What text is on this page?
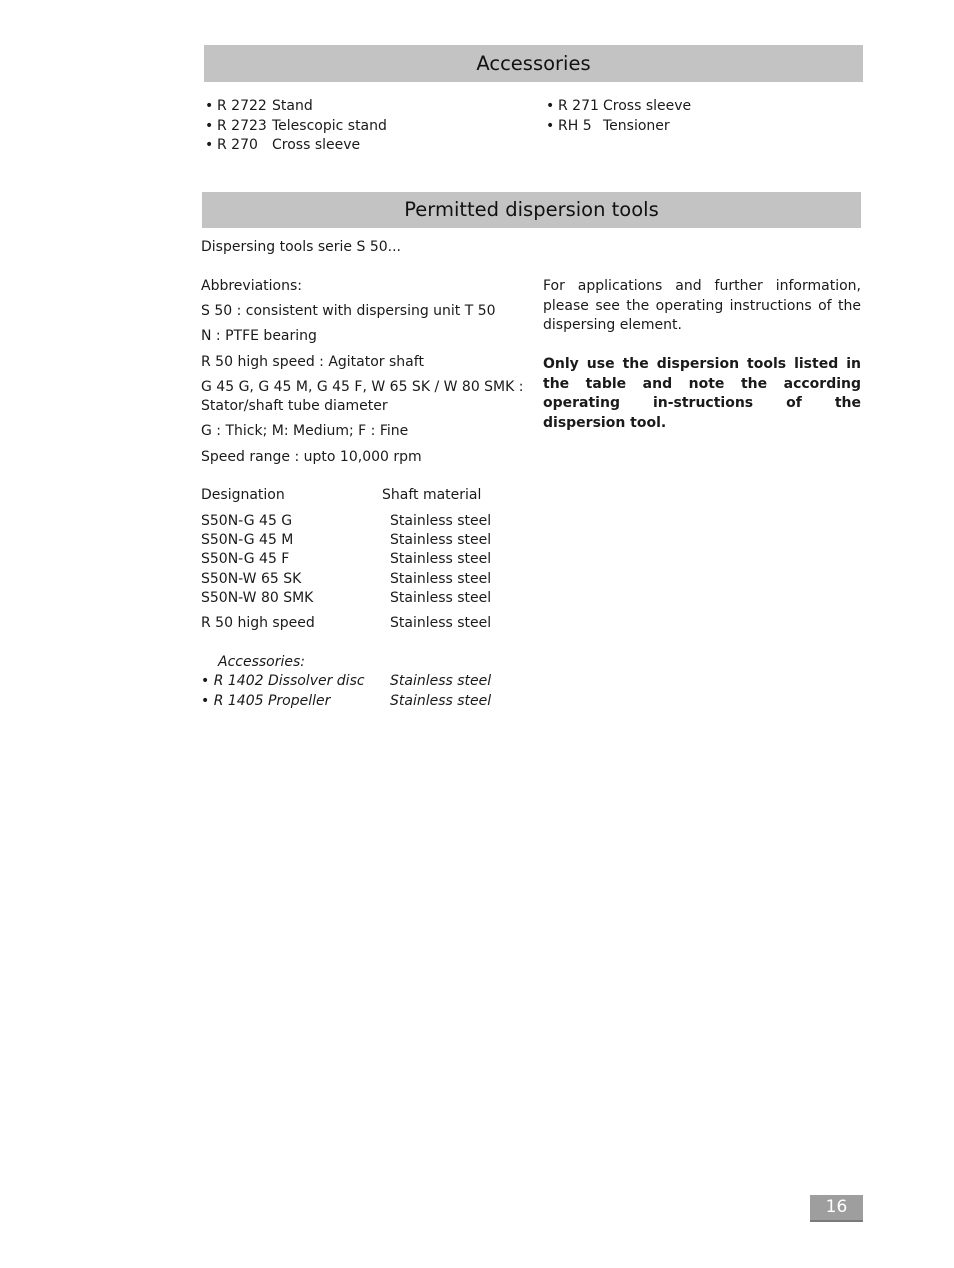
Accessories
• R 2722 Stand
• R 2723 Telescopic stand
• R 270 Cross sleeve
• R 271 Cross sleeve
• RH 5 Tensioner
Permitted dispersion tools
Dispersing tools serie S 50...
Abbreviations:
S 50 : consistent with dispersing unit T 50
N : PTFE bearing
R 50 high speed : Agitator shaft
G 45 G, G 45 M, G 45 F, W 65 SK / W 80 SMK :
Stator/shaft tube diameter
G : Thick; M: Medium; F : Fine
Speed range : upto 10,000 rpm
For applications and further information, please see the operating instructions of the dispersing element.
Only use the dispersion tools listed in the table and note the according operating in-structions of the dispersion tool.
Designation	Shaft material
S50N-G 45 G	Stainless steel
S50N-G 45 M	Stainless steel
S50N-G 45 F	Stainless steel
S50N-W 65 SK	Stainless steel
S50N-W 80 SMK	Stainless steel
R 50 high speed	Stainless steel
Accessories:
• R 1402 Dissolver disc Stainless steel
• R 1405 Propeller	Stainless steel
16
